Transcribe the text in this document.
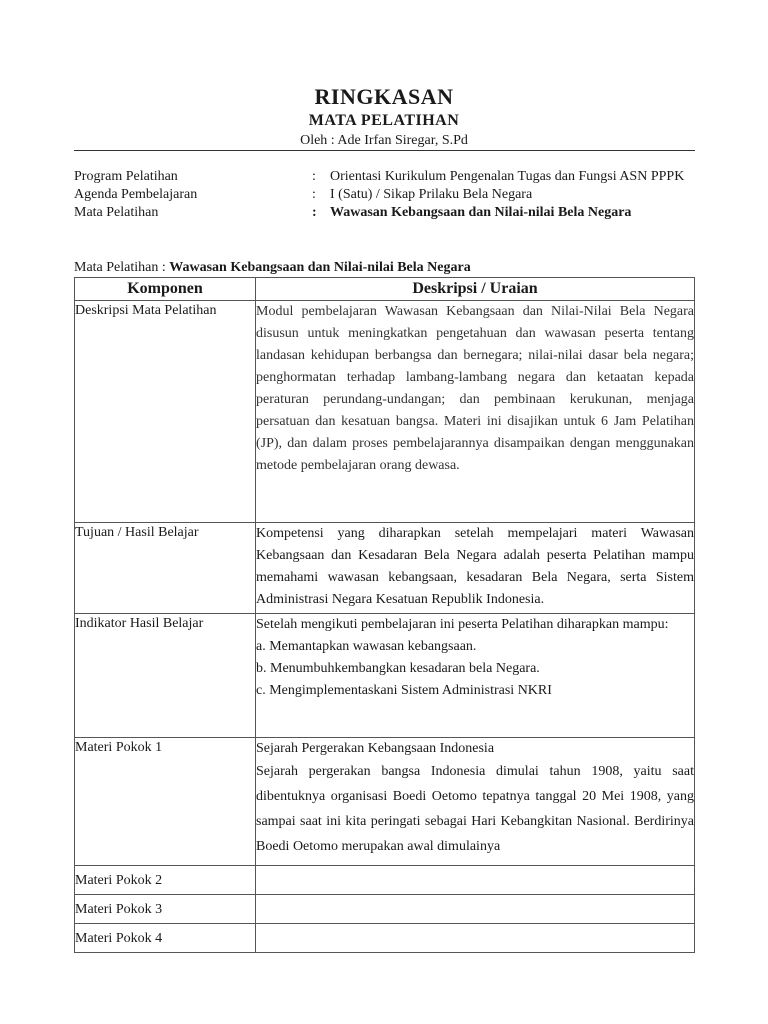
RINGKASAN
MATA PELATIHAN
Oleh : Ade Irfan Siregar, S.Pd
Program Pelatihan	:	Orientasi Kurikulum Pengenalan Tugas dan Fungsi ASN PPPK
Agenda Pembelajaran	:	I (Satu) / Sikap Prilaku Bela Negara
Mata Pelatihan	: Wawasan Kebangsaan dan Nilai-nilai Bela Negara
Mata Pelatihan : Wawasan Kebangsaan dan Nilai-nilai Bela Negara
Komponen	Deskripsi / Uraian
Deskripsi Mata Pelatihan	Modul pembelajaran Wawasan Kebangsaan dan Nilai-Nilai Bela Negara disusun untuk meningkatkan pengetahuan dan wawasan peserta tentang landasan kehidupan berbangsa dan bernegara; nilai-nilai dasar bela negara; penghormatan terhadap lambang-lambang negara dan ketaatan kepada peraturan perundang-undangan; dan pembinaan kerukunan, menjaga persatuan dan kesatuan bangsa. Materi ini disajikan untuk 6 Jam Pelatihan (JP), dan dalam proses pembelajarannya disampaikan dengan menggunakan metode pembelajaran orang dewasa.

Tujuan / Hasil Belajar	Kompetensi yang diharapkan setelah mempelajari materi Wawasan Kebangsaan dan Kesadaran Bela Negara adalah peserta Pelatihan mampu memahami wawasan kebangsaan, kesadaran Bela Negara, serta Sistem Administrasi Negara Kesatuan Republik Indonesia.

Indikator Hasil Belajar	Setelah mengikuti pembelajaran ini peserta Pelatihan diharapkan mampu:

a. Memantapkan wawasan kebangsaan.

b. Menumbuhkembangkan kesadaran bela Negara.

c. Mengimplementaskani Sistem Administrasi NKRI

Materi Pokok 1	Sejarah Pergerakan Kebangsaan Indonesia

Sejarah pergerakan bangsa Indonesia dimulai tahun 1908, yaitu saat dibentuknya organisasi Boedi Oetomo tepatnya tanggal 20 Mei 1908, yang sampai saat ini kita peringati sebagai Hari Kebangkitan Nasional. Berdirinya Boedi Oetomo merupakan awal dimulainya

Materi Pokok 2	
Materi Pokok 3	
Materi Pokok 4	
